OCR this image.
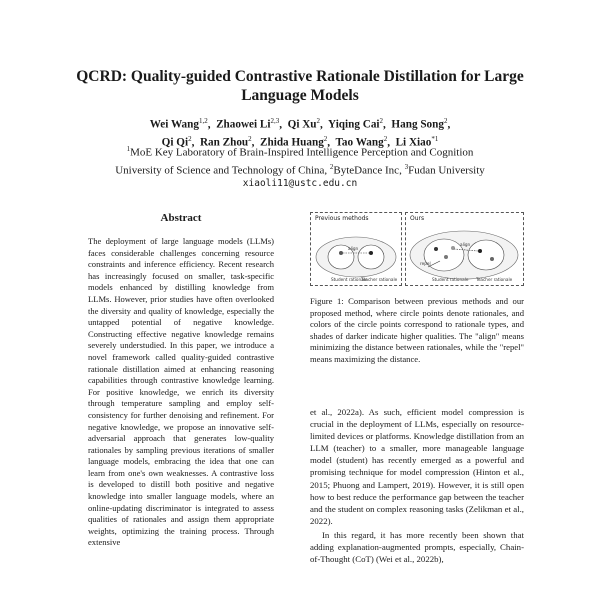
QCRD: Quality-guided Contrastive Rationale Distillation for Large Language Models
Wei Wang$^{1,2}$,  Zhaowei Li$^{2,3}$,  Qi Xu$^2$,  Yiqing Cai$^2$,  Hang Song$^2$,
Qi Qi$^2$,  Ran Zhou$^2$,  Zhida Huang$^2$,  Tao Wang$^2$,  Li Xiao$^{*1}$
$^1$MoE Key Laboratory of Brain-Inspired Intelligence Perception and Cognition
University of Science and Technology of China, $^2$ByteDance Inc, $^3$Fudan University
xiaoli11@ustc.edu.cn
Abstract

The deployment of large language models (LLMs) faces considerable challenges concerning resource constraints and inference efficiency. Recent research has increasingly focused on smaller, task-specific models enhanced by distilling knowledge from LLMs. However, prior studies have often overlooked the diversity and quality of knowledge, especially the untapped potential of negative knowledge. Constructing effective negative knowledge remains severely understudied. In this paper, we introduce a novel framework called quality-guided contrastive rationale distillation aimed at enhancing reasoning capabilities through contrastive knowledge learning. For positive knowledge, we enrich its diversity through temperature sampling and employ self-consistency for further denoising and refinement. For negative knowledge, we propose an innovative self-adversarial approach that generates low-quality rationales by sampling previous iterations of smaller language models, embracing the idea that one can learn from one's own weaknesses. A contrastive loss is developed to distill both positive and negative knowledge into smaller language models, where an online-updating discriminator is integrated to assess qualities of rationales and assign them appropriate weights, optimizing the training process. Through extensive

Previous methods
align
Student rationale
Teacher rationale
Ours
align
repel
Student rationale Teacher rationale
Figure 1: Comparison between previous methods and our proposed method, where circle points denote rationales, and colors of the circle points correspond to rationale types, and shades of darker indicate higher qualities. The "align" means minimizing the distance between rationales, while the "repel" means maximizing the distance.

et al., 2022a). As such, efficient model compression is crucial in the deployment of LLMs, especially on resource-limited devices or platforms. Knowledge distillation from an LLM (teacher) to a smaller, more manageable language model (student) has recently emerged as a powerful and promising technique for model compression (Hinton et al., 2015; Phuong and Lampert, 2019). However, it is still open how to best reduce the performance gap between the teacher and the student on complex reasoning tasks (Zelikman et al., 2022).

In this regard, it has more recently been shown that adding explanation-augmented prompts, especially, Chain-of-Thought (CoT) (Wei et al., 2022b),
